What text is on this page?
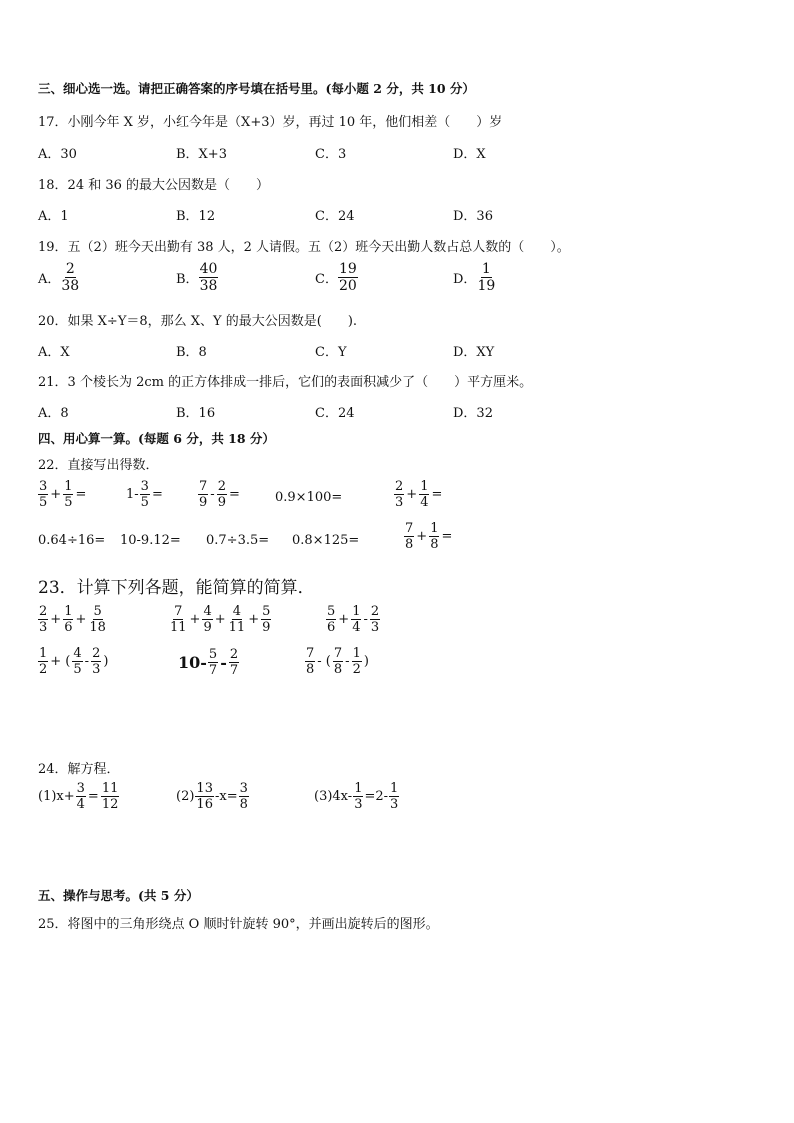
三、细心选一选。请把正确答案的序号填在括号里。(每小题 2 分，共 10 分）
17．小刚今年 X 岁，小红今年是（X+3）岁，再过 10 年，他们相差（　　）岁
A．30	B．X+3	C．3	D．X
18．24 和 36 的最大公因数是（　　）
A．1	B．12	C．24	D．36
19．五（2）班今天出勤有 38 人，2 人请假。五（2）班今天出勤人数占总人数的（　　）。
A． $\frac{2}{38}$	B． $\frac{40}{38}$	C． $\frac{19}{20}$	D． $\frac{1}{19}$
20．如果 X÷Y＝8，那么 X、Y 的最大公因数是(　　).
A．X	B．8	C．Y	D．XY
21．3 个棱长为 2cm 的正方体排成一排后，它们的表面积减少了（　　）平方厘米。
A．8	B．16	C．24	D．32
四、用心算一算。(每题 6 分，共 18 分）
22．直接写出得数．
$\frac{3}{5} + \frac{1}{5}$ =	$1- \frac{3}{5}$ =	$\frac{7}{9} - \frac{2}{9}$ =	0.9×100=	$\frac{2}{3} + \frac{1}{4}$ =
0.64÷16= 10-9.12= 0.7÷3.5= 0.8×125=	$\frac{7}{8} + \frac{1}{8}$ =
23．计算下列各题，能简算的简算．
$\frac{2}{3} + \frac{1}{6} + \frac{5}{18}$	$\frac{7}{11} + \frac{4}{9} + \frac{4}{11} + \frac{5}{9}$	$\frac{5}{6} + \frac{1}{4} - \frac{2}{3}$
$\frac{1}{2}$ + ( $\frac{4}{5} - \frac{2}{3}$ )	$10- \frac{5}{7} - \frac{2}{7}$	$\frac{7}{8}$ - ( $\frac{7}{8} - \frac{1}{2}$ )
24．解方程．
$(1)x+ \frac{3}{4} = \frac{11}{12}$	$(2) \frac{13}{16} -x= \frac{3}{8}$	$(3)4x- \frac{1}{3} =2- \frac{1}{3}$
五、操作与思考。(共 5 分）
25．将图中的三角形绕点 O 顺时针旋转 90°，并画出旋转后的图形。
